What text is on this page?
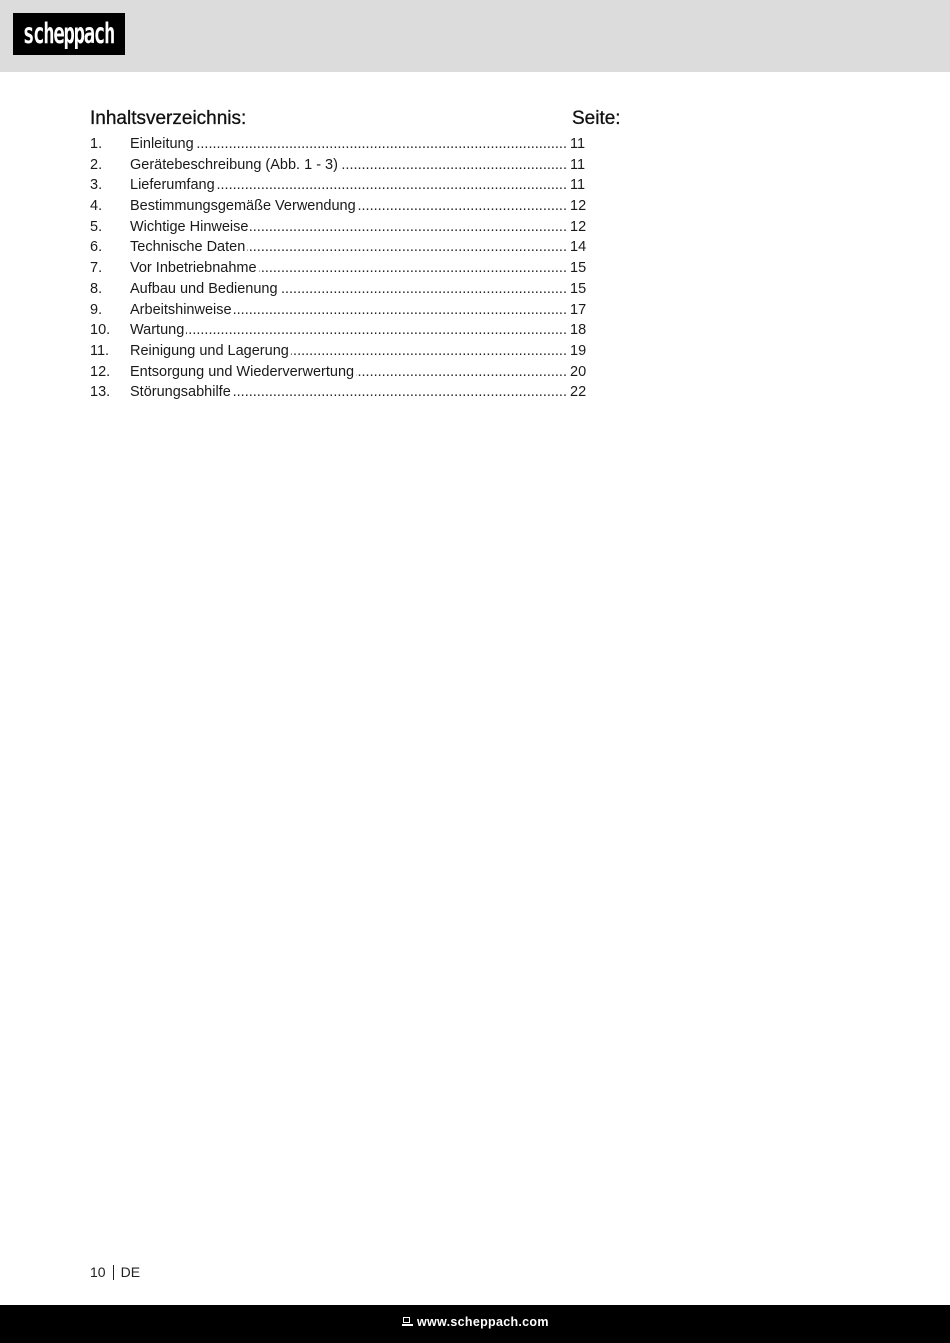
scheppach
Inhaltsverzeichnis:	Seite:
1.	Einleitung .....	11
2.	Gerätebeschreibung (Abb. 1 - 3) .....	11
3.	Lieferumfang .....	11
4.	Bestimmungsgemäße Verwendung .....	12
5.	Wichtige Hinweise .....	12
6.	Technische Daten .....	14
7.	Vor Inbetriebnahme .....	15
8.	Aufbau und Bedienung .....	15
9.	Arbeitshinweise .....	17
10.	Wartung .....	18
11.	Reinigung und Lagerung .....	19
12.	Entsorgung und Wiederverwertung .....	20
13.	Störungsabhilfe .....	22
10 DE
www.scheppach.com
